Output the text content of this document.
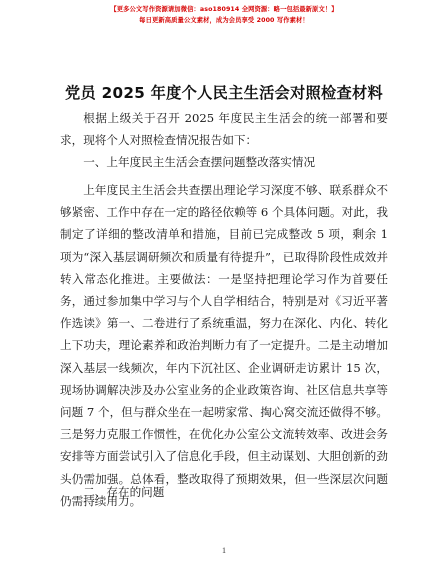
【更多公文写作资源请加微信：aso180914 全网资源：略一包括最新原文！】
每日更新高质量公文素材，成为会员享受 2000 写作素材！
党员 2025 年度个人民主生活会对照检查材料
根据上级关于召开 2025 年度民主生活会的统一部署和要求，现将个人对照检查情况报告如下：
一、上年度民主生活会查摆问题整改落实情况
上年度民主生活会共查摆出理论学习深度不够、联系群众不够紧密、工作中存在一定的路径依赖等 6 个具体问题。对此，我制定了详细的整改清单和措施，目前已完成整改 5 项，剩余 1 项为“深入基层调研频次和质量有待提升”，已取得阶段性成效并转入常态化推进。主要做法：一是坚持把理论学习作为首要任务，通过参加集中学习与个人自学相结合，特别是对《习近平著作选读》第一、二卷进行了系统重温，努力在深化、内化、转化上下功夫，理论素养和政治判断力有了一定提升。二是主动增加深入基层一线频次，年内下沉社区、企业调研走访累计 15 次，现场协调解决涉及办公室业务的企业政策咨询、社区信息共享等问题 7 个，但与群众坐在一起唠家常、掏心窝交流还做得不够。三是努力克服工作惯性，在优化办公室公文流转效率、改进会务安排等方面尝试引入了信息化手段，但主动谋划、大胆创新的劲头仍需加强。总体看，整改取得了预期效果，但一些深层次问题仍需持续用力。
二、存在的问题
1
